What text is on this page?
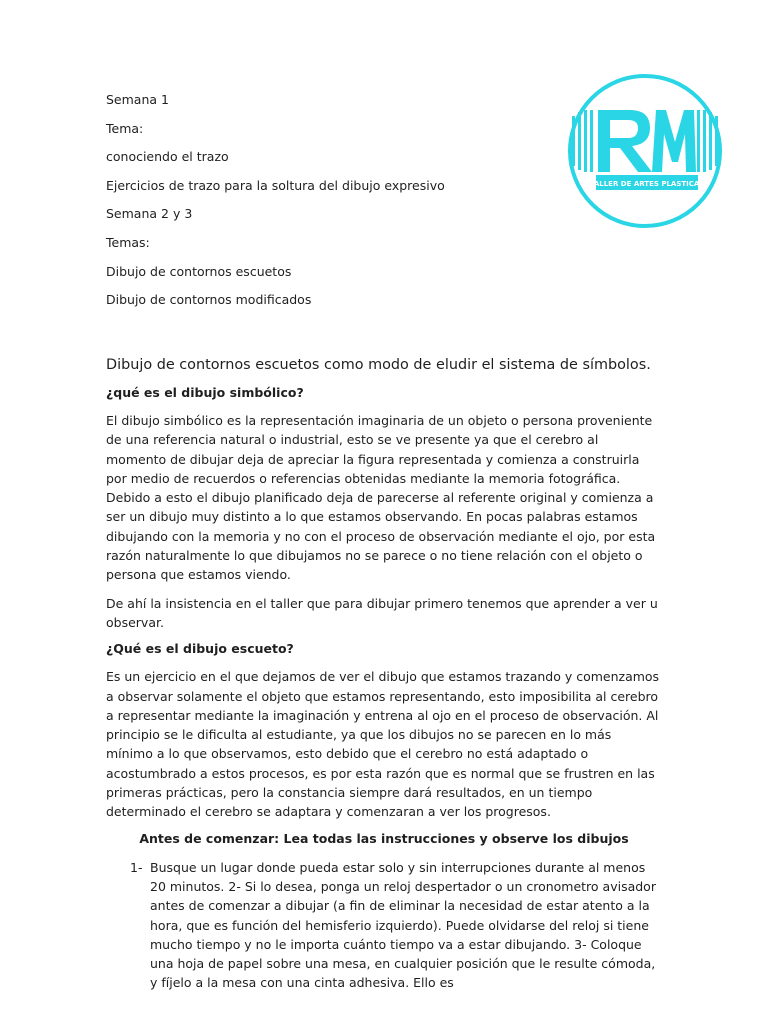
Semana 1
Tema:
conociendo el trazo
Ejercicios de trazo para la soltura del dibujo expresivo
Semana 2 y 3
Temas:
Dibujo de contornos escuetos
Dibujo de contornos modificados
TALLER DE ARTES PLASTICAS
Dibujo de contornos escuetos como modo de eludir el sistema de símbolos.
¿qué es el dibujo simbólico?

El dibujo simbólico es la representación imaginaria de un objeto o persona proveniente de una referencia natural o industrial, esto se ve presente ya que el cerebro al momento de dibujar deja de apreciar la figura representada y comienza a construirla por medio de recuerdos o referencias obtenidas mediante la memoria fotográfica. Debido a esto el dibujo planificado deja de parecerse al referente original y comienza a ser un dibujo muy distinto a lo que estamos observando. En pocas palabras estamos dibujando con la memoria y no con el proceso de observación mediante el ojo, por esta razón naturalmente lo que dibujamos no se parece o no tiene relación con el objeto o persona que estamos viendo.

De ahí la insistencia en el taller que para dibujar primero tenemos que aprender a ver u observar.

¿Qué es el dibujo escueto?

Es un ejercicio en el que dejamos de ver el dibujo que estamos trazando y comenzamos a observar solamente el objeto que estamos representando, esto imposibilita al cerebro a representar mediante la imaginación y entrena al ojo en el proceso de observación. Al principio se le dificulta al estudiante, ya que los dibujos no se parecen en lo más mínimo a lo que observamos, esto debido que el cerebro no está adaptado o acostumbrado a estos procesos, es por esta razón que es normal que se frustren en las primeras prácticas, pero la constancia siempre dará resultados, en un tiempo determinado el cerebro se adaptara y comenzaran a ver los progresos.

Antes de comenzar: Lea todas las instrucciones y observe los dibujos
1- Busque un lugar donde pueda estar solo y sin interrupciones durante al menos 20 minutos. 2- Si lo desea, ponga un reloj despertador o un cronometro avisador antes de comenzar a dibujar (a fin de eliminar la necesidad de estar atento a la hora, que es función del hemisferio izquierdo). Puede olvidarse del reloj si tiene mucho tiempo y no le importa cuánto tiempo va a estar dibujando. 3- Coloque una hoja de papel sobre una mesa, en cualquier posición que le resulte cómoda, y fíjelo a la mesa con una cinta adhesiva. Ello es
